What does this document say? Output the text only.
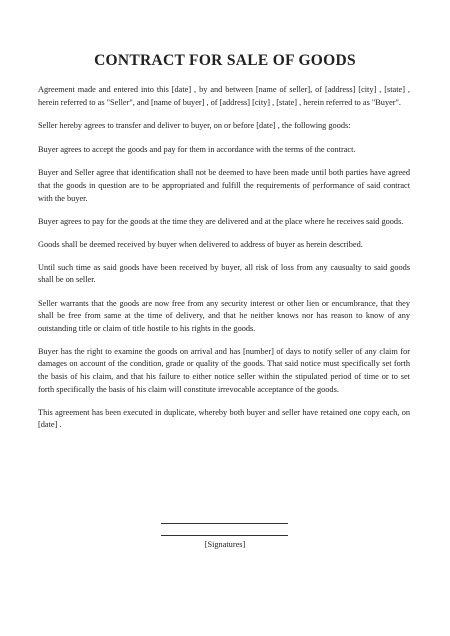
CONTRACT FOR SALE OF GOODS

Agreement made and entered into this [date] , by and between [name of seller], of [address] [city] , [state] , herein referred to as "Seller", and [name of buyer] , of [address] [city] , [state] , herein referred to as "Buyer".

Seller hereby agrees to transfer and deliver to buyer, on or before [date] , the following goods:

Buyer agrees to accept the goods and pay for them in accordance with the terms of the contract.

Buyer and Seller agree that identification shall not be deemed to have been made until both parties have agreed that the goods in question are to be appropriated and fulfill the requirements of performance of said contract with the buyer.

Buyer agrees to pay for the goods at the time they are delivered and at the place where he receives said goods.

Goods shall be deemed received by buyer when delivered to address of buyer as herein described.

Until such time as said goods have been received by buyer, all risk of loss from any causualty to said goods shall be on seller.

Seller warrants that the goods are now free from any security interest or other lien or encumbrance, that they shall be free from same at the time of delivery, and that he neither knows nor has reason to know of any outstanding title or claim of title hostile to his rights in the goods.

Buyer has the right to examine the goods on arrival and has [number] of days to notify seller of any claim for damages on account of the condition, grade or quality of the goods. That said notice must specifically set forth the basis of his claim, and that his failure to either notice seller within the stipulated period of time or to set forth specifically the basis of his claim will constitute irrevocable acceptance of the goods.

This agreement has been executed in duplicate, whereby both buyer and seller have retained one copy each, on [date] .

[Signatures]
